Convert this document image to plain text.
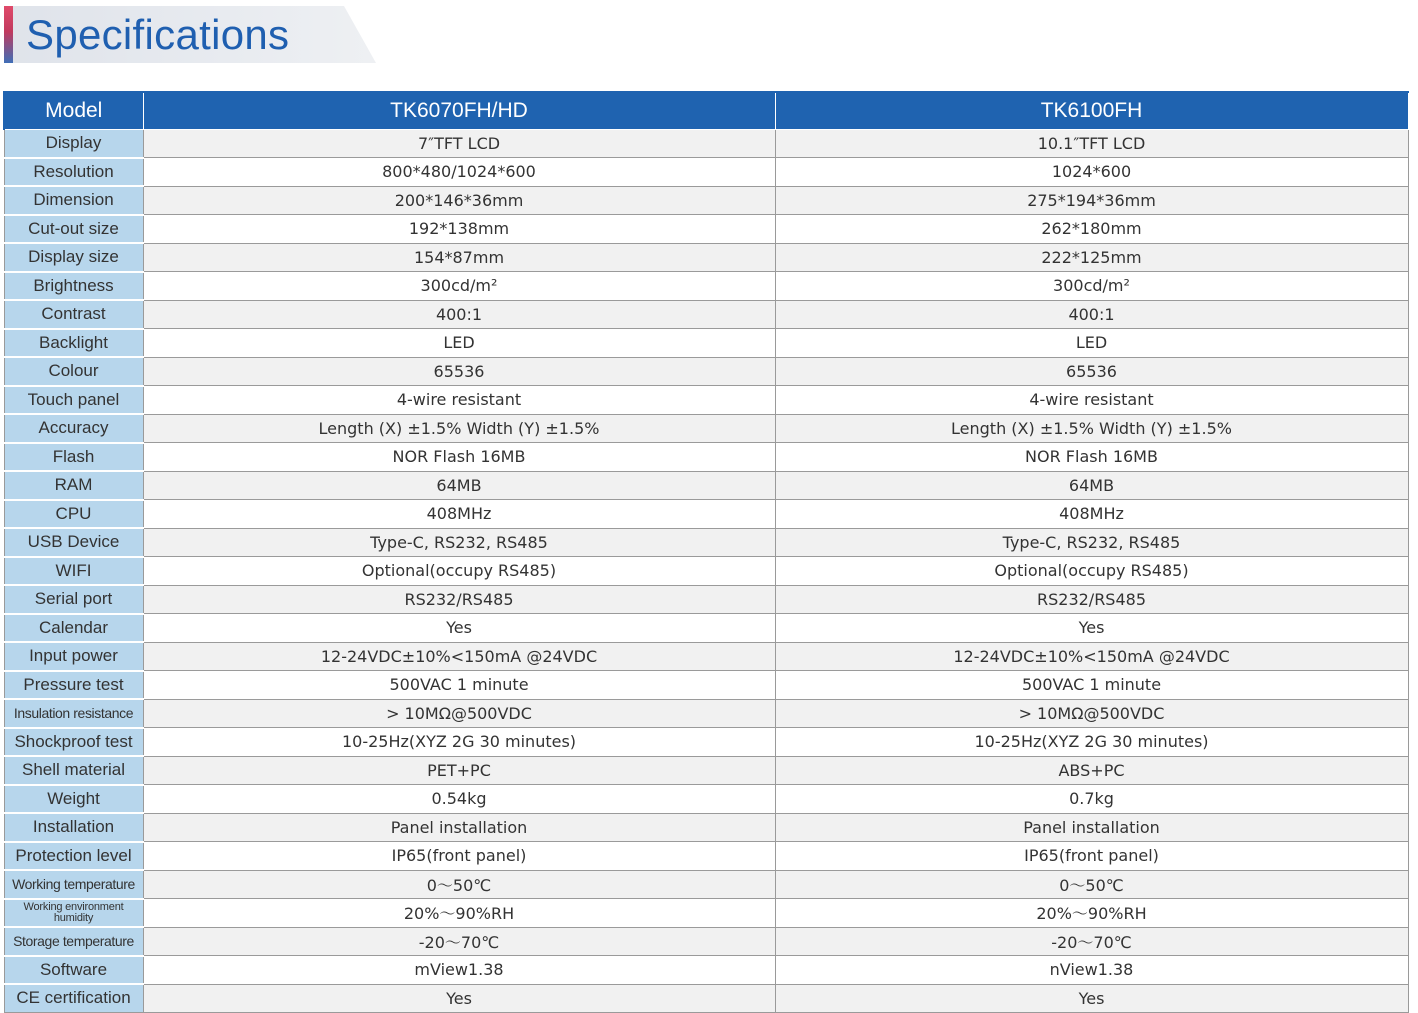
Specifications
Model	TK6070FH/HD	TK6100FH
Display	7″TFT LCD	10.1″TFT LCD
Resolution	800*480/1024*600	1024*600
Dimension	200*146*36mm	275*194*36mm
Cut-out size	192*138mm	262*180mm
Display size	154*87mm	222*125mm
Brightness	300cd/m²	300cd/m²
Contrast	400:1	400:1
Backlight	LED	LED
Colour	65536	65536
Touch panel	4-wire resistant	4-wire resistant
Accuracy	Length (X) ±1.5% Width (Y) ±1.5%	Length (X) ±1.5% Width (Y) ±1.5%
Flash	NOR Flash 16MB	NOR Flash 16MB
RAM	64MB	64MB
CPU	408MHz	408MHz
USB Device	Type-C, RS232, RS485	Type-C, RS232, RS485
WIFI	Optional(occupy RS485)	Optional(occupy RS485)
Serial port	RS232/RS485	RS232/RS485
Calendar	Yes	Yes
Input power	12-24VDC±10%<150mA @24VDC	12-24VDC±10%<150mA @24VDC
Pressure test	500VAC 1 minute	500VAC 1 minute
Insulation resistance	> 10MΩ@500VDC	> 10MΩ@500VDC
Shockproof test	10-25Hz(XYZ 2G 30 minutes)	10-25Hz(XYZ 2G 30 minutes)
Shell material	PET+PC	ABS+PC
Weight	0.54kg	0.7kg
Installation	Panel installation	Panel installation
Protection level	IP65(front panel)	IP65(front panel)
Working temperature	0～50℃	0～50℃
Working environment humidity	20%～90%RH	20%～90%RH
Storage temperature	-20～70℃	-20～70℃
Software	mView1.38	nView1.38
CE certification	Yes	Yes
